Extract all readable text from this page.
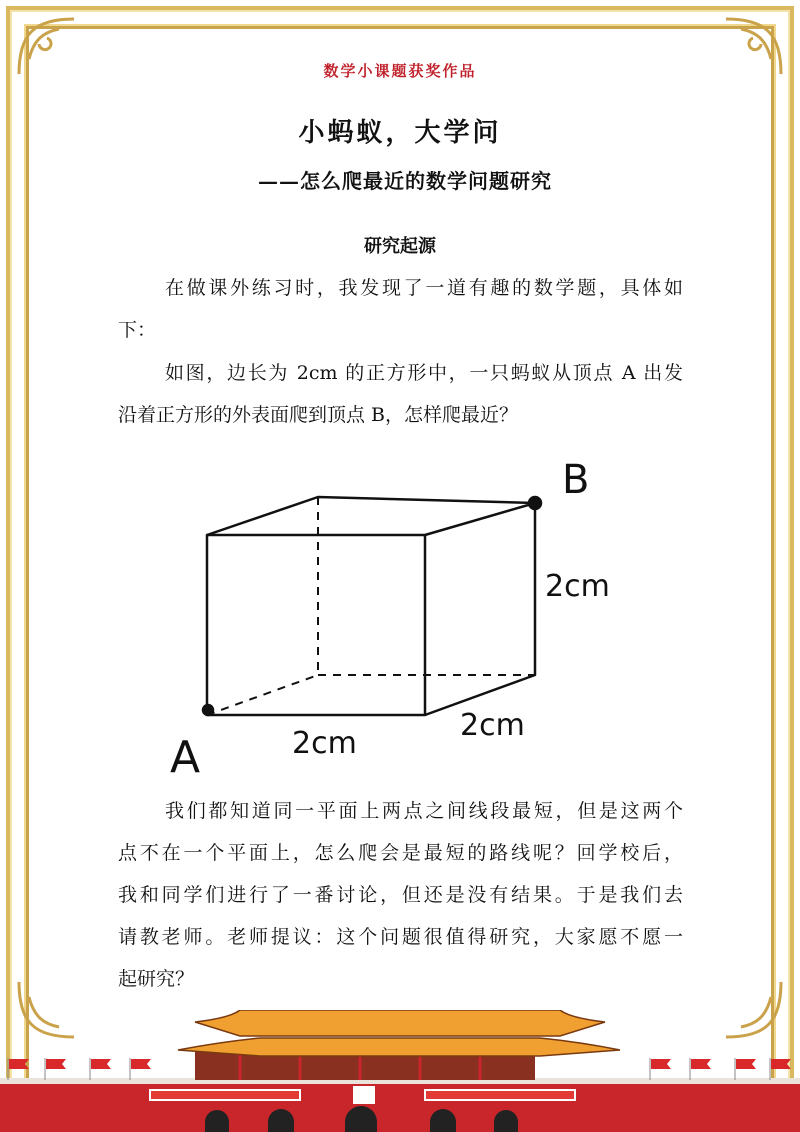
数学小课题获奖作品
小蚂蚁，大学问
——怎么爬最近的数学问题研究
研究起源
在做课外练习时，我发现了一道有趣的数学题，具体如
下：
如图，边长为 2cm 的正方形中，一只蚂蚁从顶点 A 出发
沿着正方形的外表面爬到顶点 B，怎样爬最近？
A
B
2cm
2cm
2cm
我们都知道同一平面上两点之间线段最短，但是这两个
点不在一个平面上，怎么爬会是最短的路线呢？回学校后，
我和同学们进行了一番讨论，但还是没有结果。于是我们去
请教老师。老师提议：这个问题很值得研究，大家愿不愿一
起研究？
